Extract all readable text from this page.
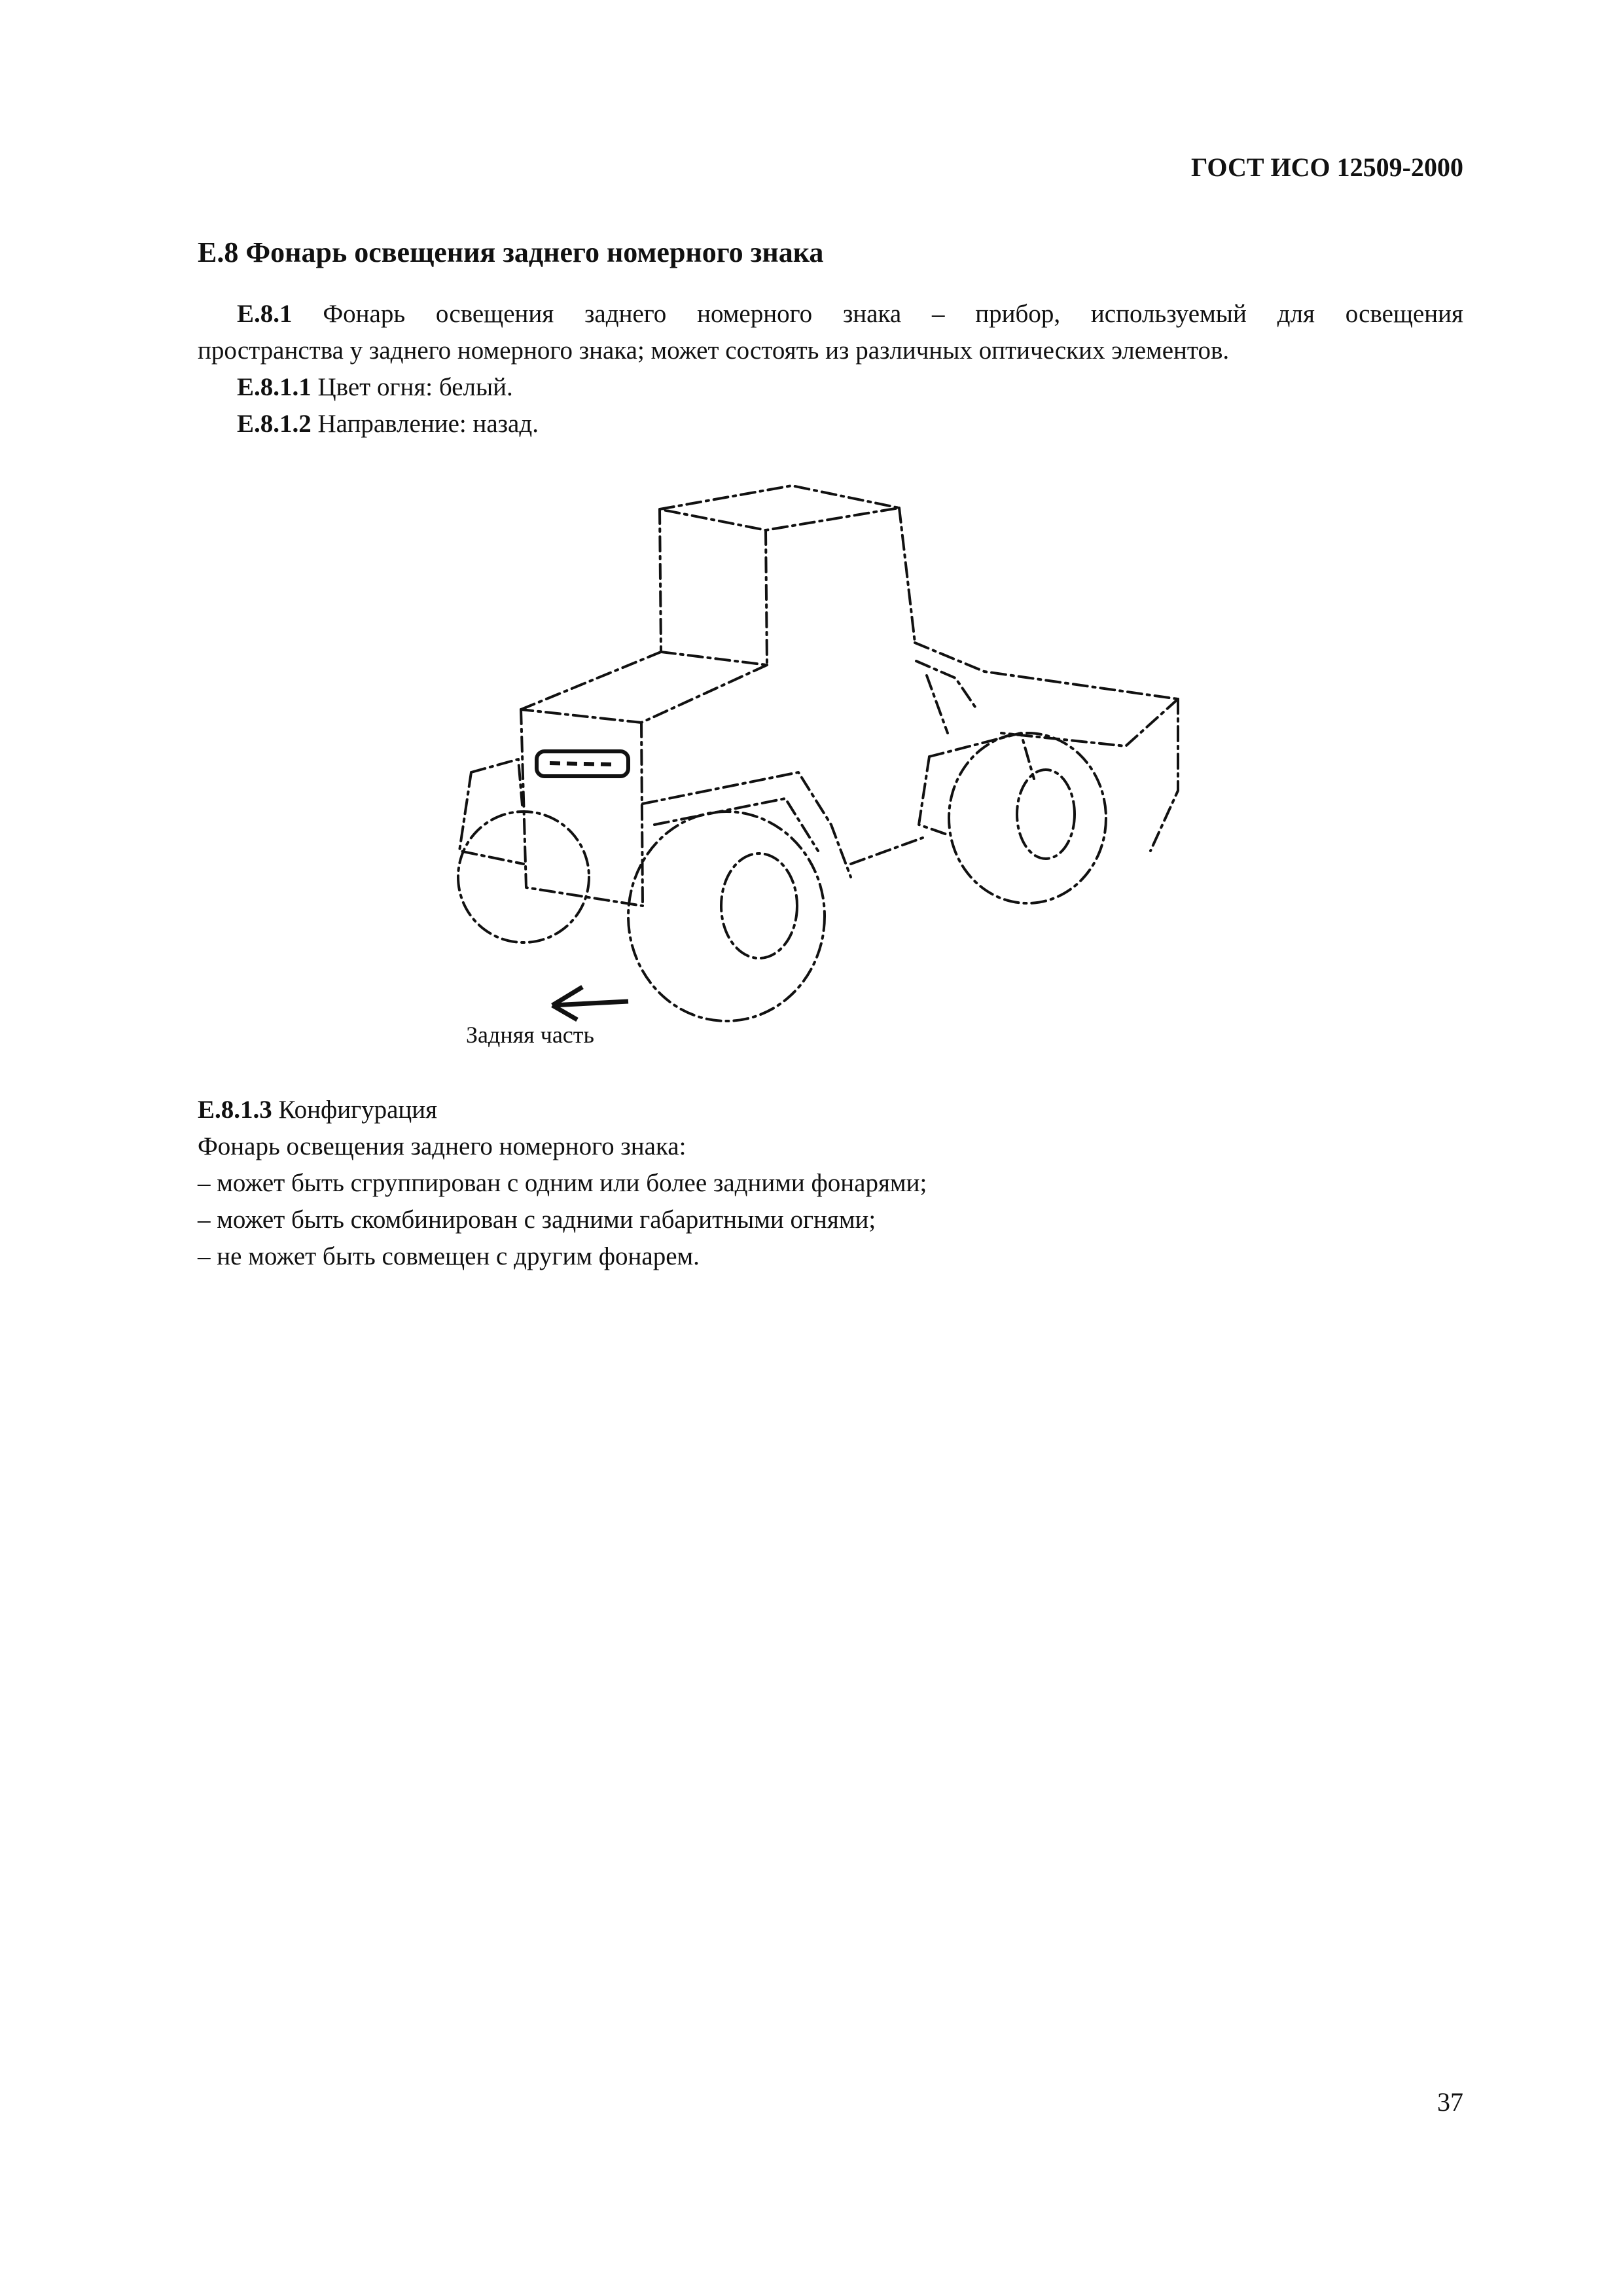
ГОСТ ИСО 12509-2000
Е.8 Фонарь освещения заднего номерного знака
Е.8.1 Фонарь освещения заднего номерного знака – прибор, используемый для освещения
пространства у заднего номерного знака; может состоять из различных оптических элементов.
Е.8.1.1 Цвет огня: белый.
Е.8.1.2 Направление: назад.
Задняя часть
Е.8.1.3 Конфигурация
Фонарь освещения заднего номерного знака:
– может быть сгруппирован с одним или более задними фонарями;
– может быть скомбинирован с задними габаритными огнями;
– не может быть совмещен с другим фонарем.
37
